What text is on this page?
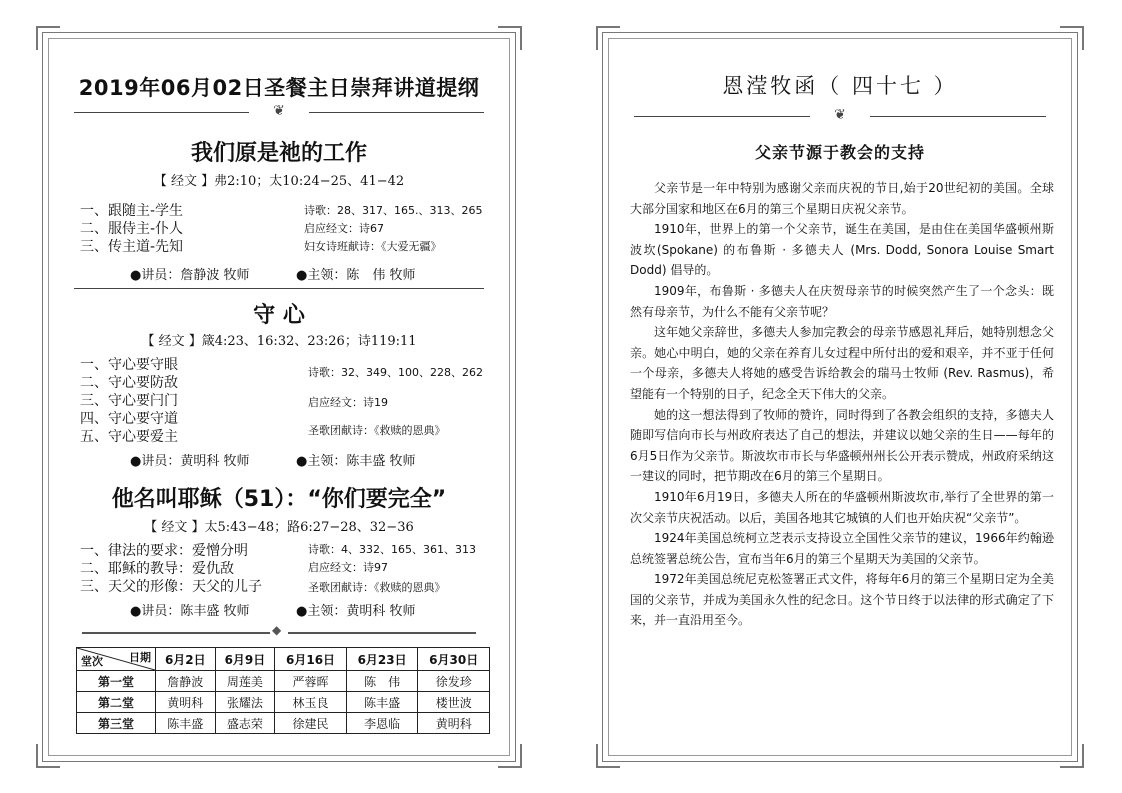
2019年06月02日圣餐主日崇拜讲道提纲
❦
我们原是祂的工作
【 经文 】弗2:10；太10:24−25、41−42
一、跟随主-学生
二、服侍主-仆人
三、传主道-先知
诗歌：28、317、165.、313、265
启应经文：诗67
妇女诗班献诗：《大爱无疆》
●讲员：詹静波 牧师	●主领：陈　伟 牧师
守 心
【 经文 】箴4:23、16:32、23:26；诗119:11
一、守心要守眼
二、守心要防敌
三、守心要闩门
四、守心要守道
五、守心要爱主
诗歌：32、349、100、228、262
启应经文：诗19
圣歌团献诗：《救赎的恩典》
●讲员：黄明科 牧师	●主领：陈丰盛 牧师
他名叫耶稣（51）：“你们要完全”
【 经文 】太5:43−48；路6:27−28、32−36
一、律法的要求：爱憎分明
二、耶稣的教导：爱仇敌
三、天父的形像：天父的儿子
诗歌：4、332、165、361、313
启应经文：诗97
圣歌团献诗：《救赎的恩典》
●讲员：陈丰盛 牧师	●主领：黄明科 牧师
◆
日期
堂次	6月2日	6月9日	6月16日	6月23日	6月30日
第一堂	詹静波	周莲美	严蓉晖	陈　伟	徐发珍
第二堂	黄明科	张耀法	林玉良	陈丰盛	楼世波
第三堂	陈丰盛	盛志荣	徐建民	李恩临	黄明科
恩滢牧函（ 四十七 ）
❦
父亲节源于教会的支持

父亲节是一年中特别为感谢父亲而庆祝的节日,始于20世纪初的美国。全球大部分国家和地区在6月的第三个星期日庆祝父亲节。

1910年，世界上的第一个父亲节，诞生在美国，是由住在美国华盛顿州斯波坎(Spokane) 的布鲁斯 · 多德夫人 (Mrs. Dodd, Sonora Louise Smart Dodd) 倡导的。

1909年，布鲁斯 · 多德夫人在庆贺母亲节的时候突然产生了一个念头：既然有母亲节，为什么不能有父亲节呢？

这年她父亲辞世，多德夫人参加完教会的母亲节感恩礼拜后，她特别想念父亲。她心中明白，她的父亲在养育儿女过程中所付出的爱和艰辛，并不亚于任何一个母亲，多德夫人将她的感受告诉给教会的瑞马士牧师 (Rev. Rasmus)，希望能有一个特别的日子，纪念全天下伟大的父亲。

她的这一想法得到了牧师的赞许，同时得到了各教会组织的支持，多德夫人随即写信向市长与州政府表达了自己的想法，并建议以她父亲的生日——每年的6月5日作为父亲节。斯波坎市市长与华盛顿州州长公开表示赞成，州政府采纳这一建议的同时，把节期改在6月的第三个星期日。

1910年6月19日，多德夫人所在的华盛顿州斯波坎市,举行了全世界的第一次父亲节庆祝活动。以后，美国各地其它城镇的人们也开始庆祝“父亲节”。

1924年美国总统柯立芝表示支持设立全国性父亲节的建议，1966年约翰逊总统签署总统公告，宣布当年6月的第三个星期天为美国的父亲节。

1972年美国总统尼克松签署正式文件，将每年6月的第三个星期日定为全美国的父亲节，并成为美国永久性的纪念日。这个节日终于以法律的形式确定了下来，并一直沿用至今。
